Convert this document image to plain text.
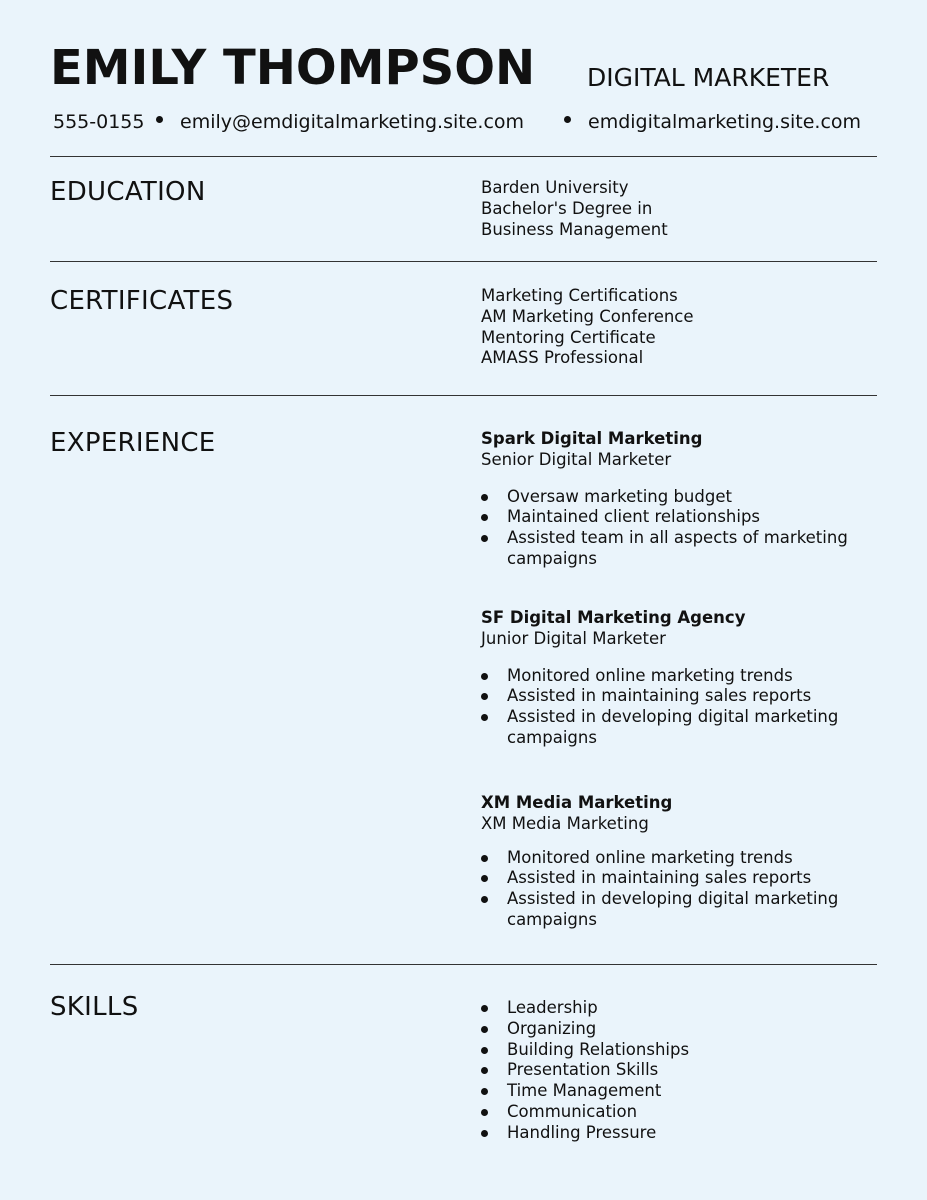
EMILY THOMPSON DIGITAL MARKETER
555-0155 emily@emdigitalmarketing.site.com	emdigitalmarketing.site.com
EDUCATION	Barden University
Bachelor's Degree in
Business Management
CERTIFICATES	Marketing Certifications
AM Marketing Conference
Mentoring Certificate
AMASS Professional
EXPERIENCE	Spark Digital Marketing
Senior Digital Marketer
Oversaw marketing budget
Maintained client relationships
Assisted team in all aspects of marketing campaigns
SF Digital Marketing Agency
Junior Digital Marketer
Monitored online marketing trends
Assisted in maintaining sales reports
Assisted in developing digital marketing campaigns
XM Media Marketing
XM Media Marketing
Monitored online marketing trends
Assisted in maintaining sales reports
Assisted in developing digital marketing campaigns
SKILLS	Leadership
Organizing
Building Relationships
Presentation Skills
Time Management
Communication
Handling Pressure
